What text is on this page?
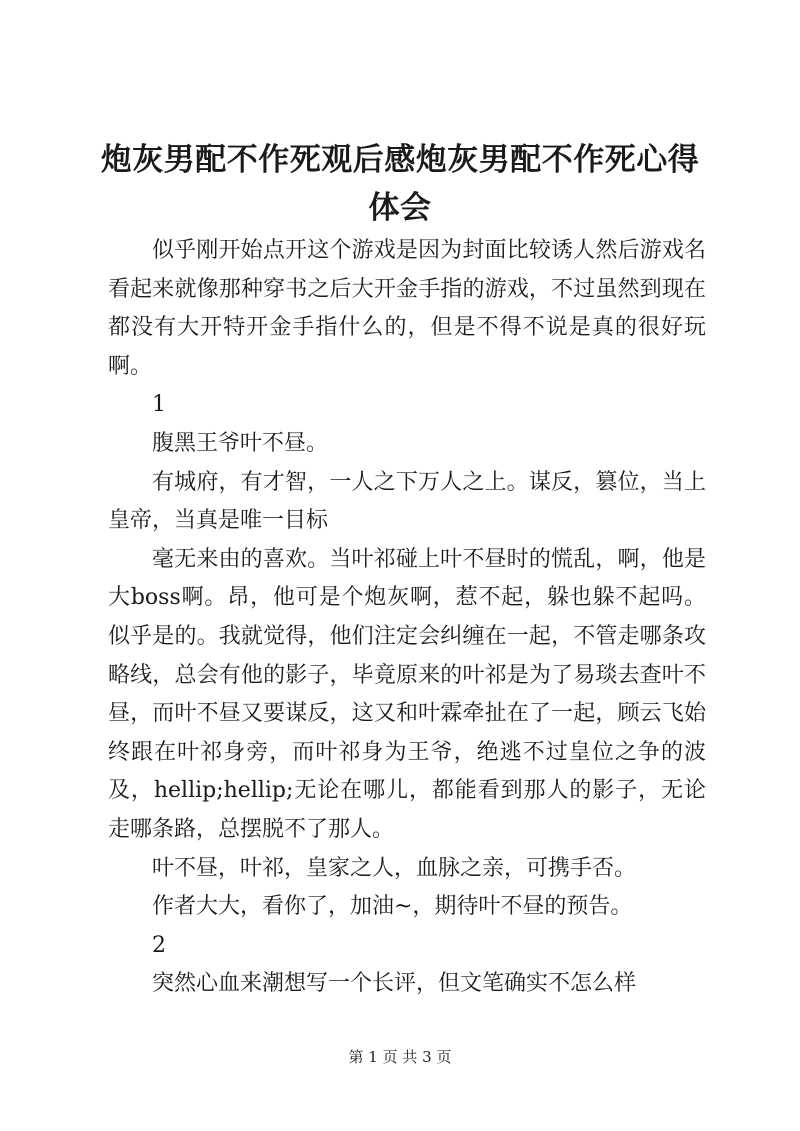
炮灰男配不作死观后感炮灰男配不作死心得体会

似乎刚开始点开这个游戏是因为封面比较诱人然后游戏名看起来就像那种穿书之后大开金手指的游戏，不过虽然到现在都没有大开特开金手指什么的，但是不得不说是真的很好玩啊。

1

腹黑王爷叶不昼。

有城府，有才智，一人之下万人之上。谋反，篡位，当上皇帝，当真是唯一目标

毫无来由的喜欢。当叶祁碰上叶不昼时的慌乱，啊，他是大boss啊。昂，他可是个炮灰啊，惹不起，躲也躲不起吗。似乎是的。我就觉得，他们注定会纠缠在一起，不管走哪条攻略线，总会有他的影子，毕竟原来的叶祁是为了易琰去查叶不昼，而叶不昼又要谋反，这又和叶霖牵扯在了一起，顾云飞始终跟在叶祁身旁，而叶祁身为王爷，绝逃不过皇位之争的波及，hellip;hellip;无论在哪儿，都能看到那人的影子，无论走哪条路，总摆脱不了那人。

叶不昼，叶祁，皇家之人，血脉之亲，可携手否。

作者大大，看你了，加油~，期待叶不昼的预告。

2

突然心血来潮想写一个长评，但文笔确实不怎么样

第 1 页 共 3 页
